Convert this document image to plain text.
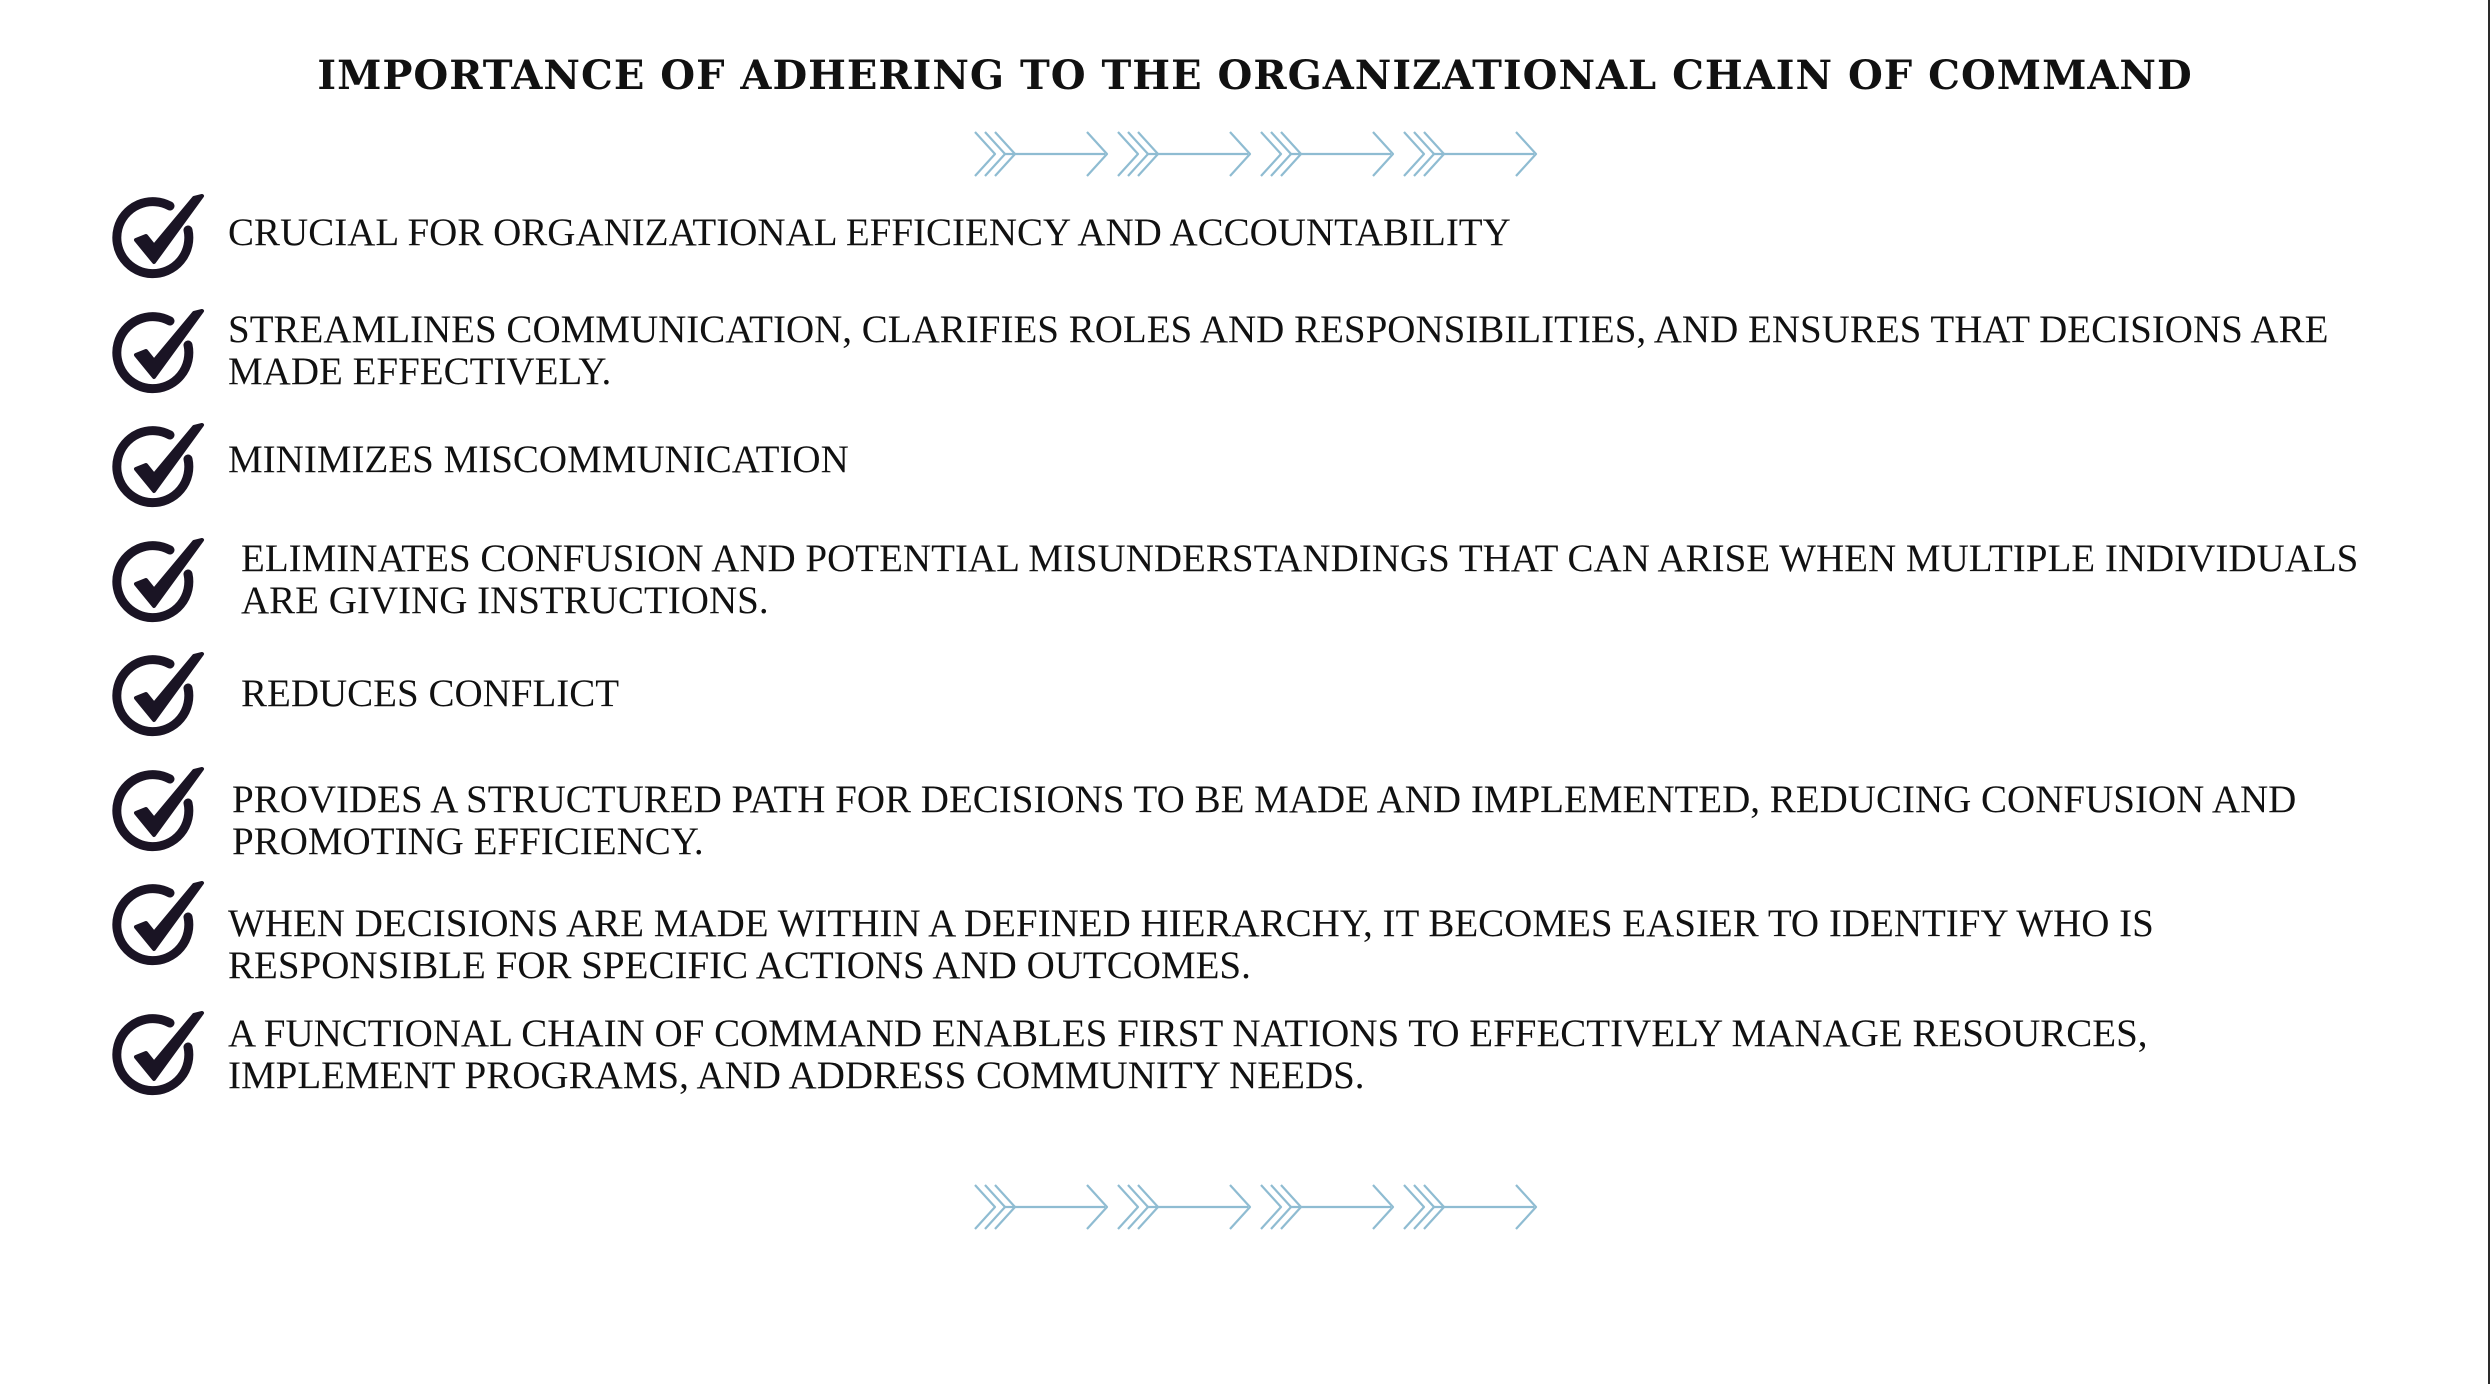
IMPORTANCE OF ADHERING TO THE ORGANIZATIONAL CHAIN OF COMMAND
CRUCIAL FOR ORGANIZATIONAL EFFICIENCY AND ACCOUNTABILITY
STREAMLINES COMMUNICATION, CLARIFIES ROLES AND RESPONSIBILITIES, AND ENSURES THAT DECISIONS ARE
MADE EFFECTIVELY.
MINIMIZES MISCOMMUNICATION
ELIMINATES CONFUSION AND POTENTIAL MISUNDERSTANDINGS THAT CAN ARISE WHEN MULTIPLE INDIVIDUALS
ARE GIVING INSTRUCTIONS.
REDUCES CONFLICT
PROVIDES A STRUCTURED PATH FOR DECISIONS TO BE MADE AND IMPLEMENTED, REDUCING CONFUSION AND
PROMOTING EFFICIENCY.
WHEN DECISIONS ARE MADE WITHIN A DEFINED HIERARCHY, IT BECOMES EASIER TO IDENTIFY WHO IS
RESPONSIBLE FOR SPECIFIC ACTIONS AND OUTCOMES.
A FUNCTIONAL CHAIN OF COMMAND ENABLES FIRST NATIONS TO EFFECTIVELY MANAGE RESOURCES,
IMPLEMENT PROGRAMS, AND ADDRESS COMMUNITY NEEDS.
